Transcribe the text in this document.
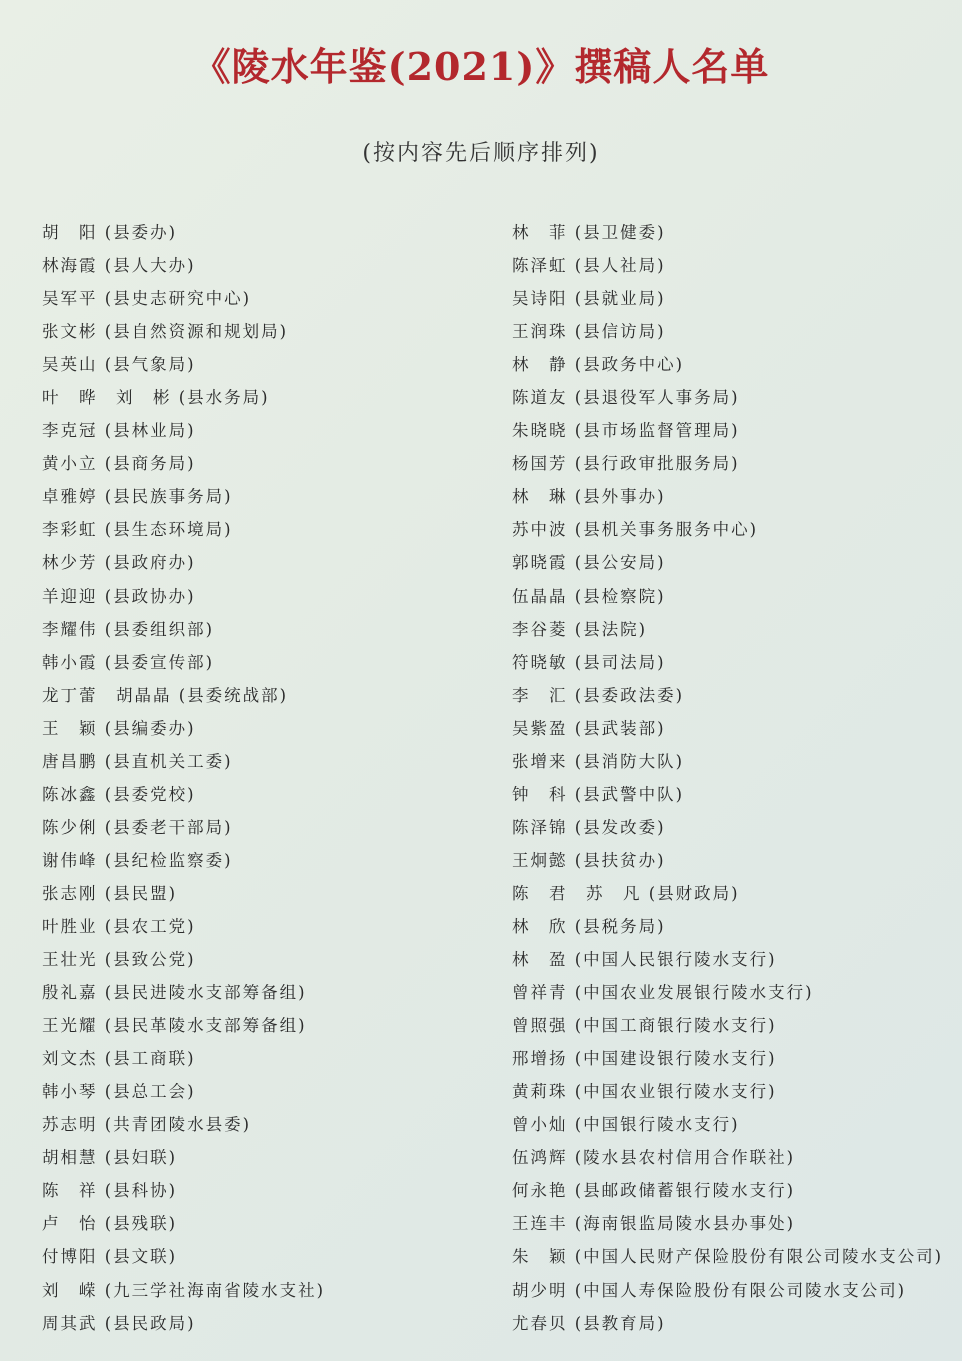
《陵水年鉴(2021)》撰稿人名单
(按内容先后顺序排列)
胡　阳 (县委办)
林海霞 (县人大办)
吴军平 (县史志研究中心)
张文彬 (县自然资源和规划局)
吴英山 (县气象局)
叶　晔　刘　彬 (县水务局)
李克冠 (县林业局)
黄小立 (县商务局)
卓雅婷 (县民族事务局)
李彩虹 (县生态环境局)
林少芳 (县政府办)
羊迎迎 (县政协办)
李耀伟 (县委组织部)
韩小霞 (县委宣传部)
龙丁蕾　胡晶晶 (县委统战部)
王　颖 (县编委办)
唐昌鹏 (县直机关工委)
陈冰鑫 (县委党校)
陈少俐 (县委老干部局)
谢伟峰 (县纪检监察委)
张志刚 (县民盟)
叶胜业 (县农工党)
王壮光 (县致公党)
殷礼嘉 (县民进陵水支部筹备组)
王光耀 (县民革陵水支部筹备组)
刘文杰 (县工商联)
韩小琴 (县总工会)
苏志明 (共青团陵水县委)
胡相慧 (县妇联)
陈　祥 (县科协)
卢　怡 (县残联)
付博阳 (县文联)
刘　嵘 (九三学社海南省陵水支社)
周其武 (县民政局)
林　菲 (县卫健委)
陈泽虹 (县人社局)
吴诗阳 (县就业局)
王润珠 (县信访局)
林　静 (县政务中心)
陈道友 (县退役军人事务局)
朱晓晓 (县市场监督管理局)
杨国芳 (县行政审批服务局)
林　琳 (县外事办)
苏中波 (县机关事务服务中心)
郭晓霞 (县公安局)
伍晶晶 (县检察院)
李谷菱 (县法院)
符晓敏 (县司法局)
李　汇 (县委政法委)
吴紫盈 (县武装部)
张增来 (县消防大队)
钟　科 (县武警中队)
陈泽锦 (县发改委)
王炯懿 (县扶贫办)
陈　君　苏　凡 (县财政局)
林　欣 (县税务局)
林　盈 (中国人民银行陵水支行)
曾祥青 (中国农业发展银行陵水支行)
曾照强 (中国工商银行陵水支行)
邢增扬 (中国建设银行陵水支行)
黄莉珠 (中国农业银行陵水支行)
曾小灿 (中国银行陵水支行)
伍鸿辉 (陵水县农村信用合作联社)
何永艳 (县邮政储蓄银行陵水支行)
王连丰 (海南银监局陵水县办事处)
朱　颖 (中国人民财产保险股份有限公司陵水支公司)
胡少明 (中国人寿保险股份有限公司陵水支公司)
尤春贝 (县教育局)
